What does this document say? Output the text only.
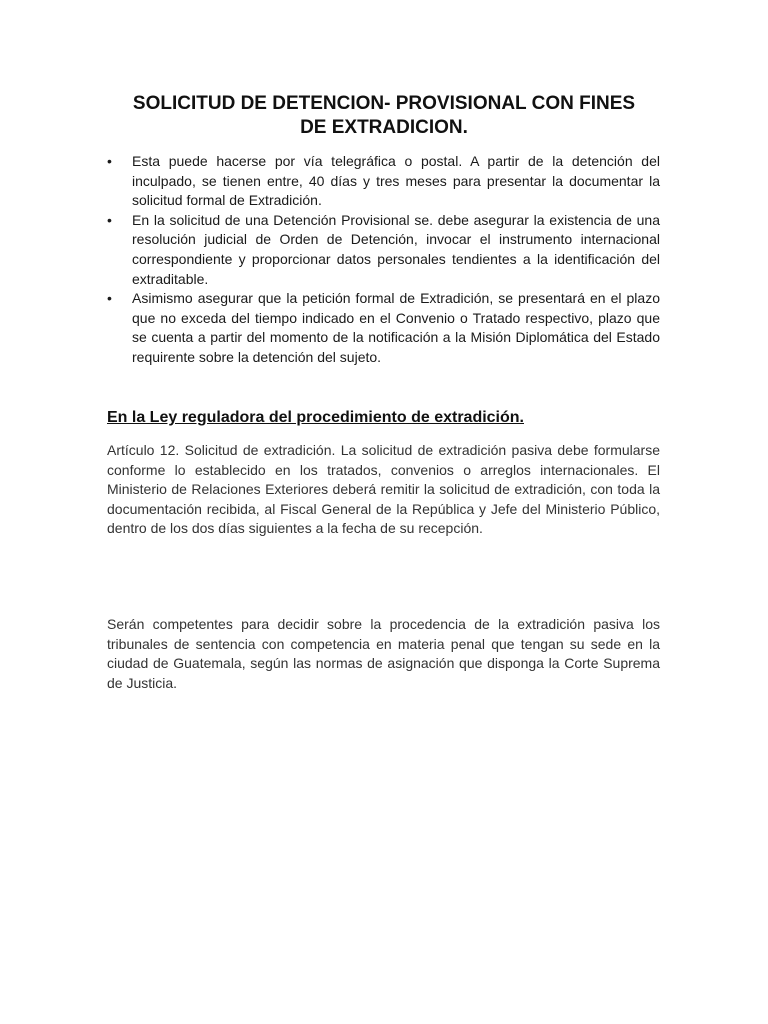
SOLICITUD DE DETENCION- PROVISIONAL CON FINES
DE EXTRADICION.
• Esta puede hacerse por vía telegráfica o postal. A partir de la detención del inculpado, se tienen entre, 40 días y tres meses para presentar la documentar la solicitud formal de Extradición.
• En la solicitud de una Detención Provisional se. debe asegurar la existencia de una resolución judicial de Orden de Detención, invocar el instrumento internacional correspondiente y proporcionar datos personales tendientes a la identificación del extraditable.
• Asimismo asegurar que la petición formal de Extradición, se presentará en el plazo que no exceda del tiempo indicado en el Convenio o Tratado respectivo, plazo que se cuenta a partir del momento de la notificación a la Misión Diplomática del Estado requirente sobre la detención del sujeto.
En la Ley reguladora del procedimiento de extradición.

Artículo 12. Solicitud de extradición. La solicitud de extradición pasiva debe formularse conforme lo establecido en los tratados, convenios o arreglos internacionales. El Ministerio de Relaciones Exteriores deberá remitir la solicitud de extradición, con toda la documentación recibida, al Fiscal General de la República y Jefe del Ministerio Público, dentro de los dos días siguientes a la fecha de su recepción.

Serán competentes para decidir sobre la procedencia de la extradición pasiva los tribunales de sentencia con competencia en materia penal que tengan su sede en la ciudad de Guatemala, según las normas de asignación que disponga la Corte Suprema de Justicia.
